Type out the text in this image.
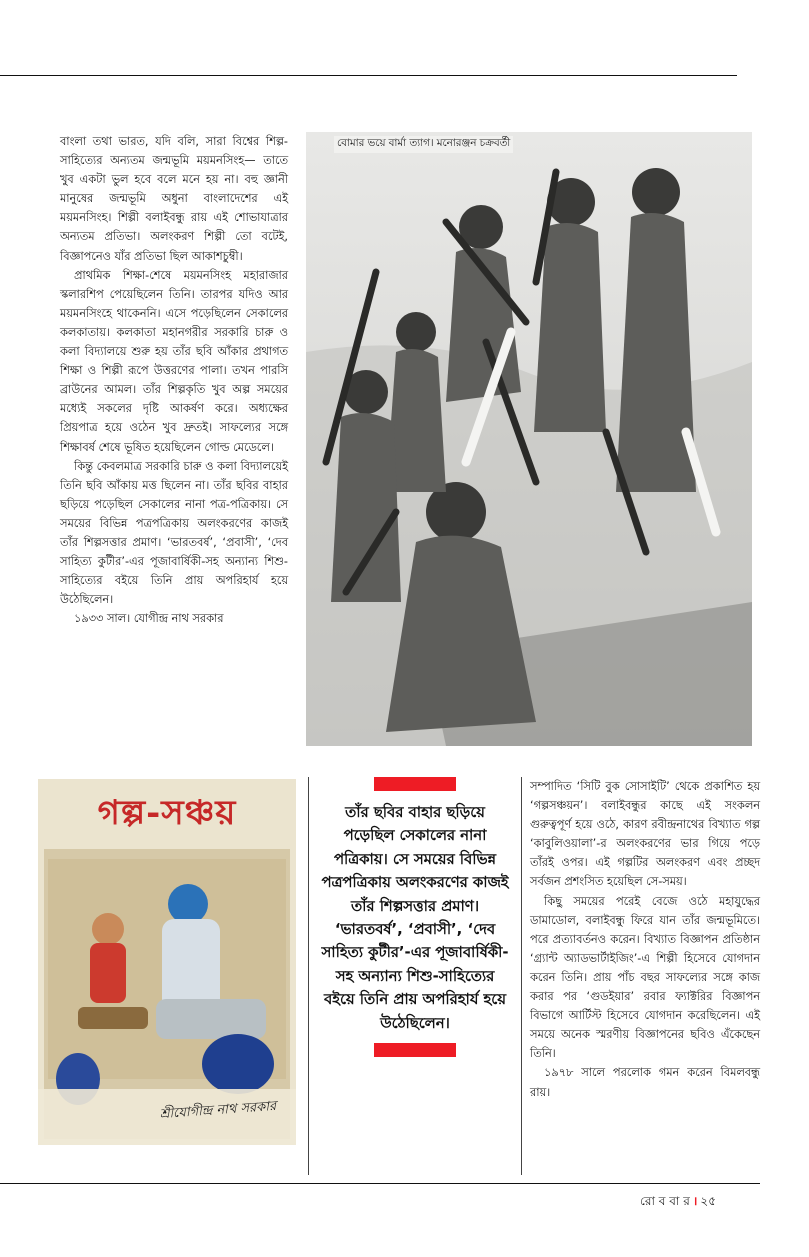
বাংলা তথা ভারত, যদি বলি, সারা বিশ্বের শিল্প-সাহিত্যের অন্যতম জন্মভূমি ময়মনসিংহ— তাতে খুব একটা ভুল হবে বলে মনে হয় না। বহু জ্ঞানী মানুষের জন্মভূমি অধুনা বাংলাদেশের এই ময়মনসিংহ। শিল্পী বলাইবন্ধু রায় এই শোভাযাত্রার অন্যতম প্রতিভা। অলংকরণ শিল্পী তো বটেই, বিজ্ঞাপনেও যাঁর প্রতিভা ছিল আকাশচুম্বী।

প্রাথমিক শিক্ষা-শেষে ময়মনসিংহ মহারাজার স্কলারশিপ পেয়েছিলেন তিনি। তারপর যদিও আর ময়মনসিংহে থাকেননি। এসে পড়েছিলেন সেকালের কলকাতায়। কলকাতা মহানগরীর সরকারি চারু ও কলা বিদ্যালয়ে শুরু হয় তাঁর ছবি আঁকার প্রথাগত শিক্ষা ও শিল্পী রূপে উত্তরণের পালা। তখন পারসি ব্রাউনের আমল। তাঁর শিল্পকৃতি খুব অল্প সময়ের মধ্যেই সকলের দৃষ্টি আকর্ষণ করে। অধ্যক্ষের প্রিয়পাত্র হয়ে ওঠেন খুব দ্রুতই। সাফল্যের সঙ্গে শিক্ষাবর্ষ শেষে ভূষিত হয়েছিলেন গোল্ড মেডেলে।

কিন্তু কেবলমাত্র সরকারি চারু ও কলা বিদ্যালয়েই তিনি ছবি আঁকায় মত্ত ছিলেন না। তাঁর ছবির বাহার ছড়িয়ে পড়েছিল সেকালের নানা পত্র-পত্রিকায়। সে সময়ের বিভিন্ন পত্রপত্রিকায় অলংকরণের কাজই তাঁর শিল্পসত্তার প্রমাণ। ‘ভারতবর্ষ’, ‘প্রবাসী’, ‘দেব সাহিত্য কুটীর’-এর পূজাবার্ষিকী-সহ অন্যান্য শিশু-সাহিত্যের বইয়ে তিনি প্রায় অপরিহার্য হয়ে উঠেছিলেন।

১৯৩৩ সাল। যোগীন্দ্র নাথ সরকার

বোমার ভয়ে বার্মা ত্যাগ। মনোরঞ্জন চক্রবর্তী
গল্প-সঞ্চয়
শ্রীযোগীন্দ্র নাথ সরকার

তাঁর ছবির বাহার ছড়িয়ে পড়েছিল সেকালের নানা পত্রিকায়। সে সময়ের বিভিন্ন পত্রপত্রিকায় অলংকরণের কাজই তাঁর শিল্পসত্তার প্রমাণ। ‘ভারতবর্ষ’, ‘প্রবাসী’, ‘দেব সাহিত্য কুটীর’-এর পূজাবার্ষিকী-সহ অন্যান্য শিশু-সাহিত্যের বইয়ে তিনি প্রায় অপরিহার্য হয়ে উঠেছিলেন।

সম্পাদিত ‘সিটি বুক সোসাইটি’ থেকে প্রকাশিত হয় ‘গল্পসঞ্চয়ন’। বলাইবন্ধুর কাছে এই সংকলন গুরুত্বপূর্ণ হয়ে ওঠে, কারণ রবীন্দ্রনাথের বিখ্যাত গল্প ‘কাবুলিওয়ালা’-র অলংকরণের ভার গিয়ে পড়ে তাঁরই ওপর। এই গল্পটির অলংকরণ এবং প্রচ্ছদ সর্বজন প্রশংসিত হয়েছিল সে-সময়।

কিছু সময়ের পরেই বেজে ওঠে মহাযুদ্ধের ডামাডোল, বলাইবন্ধু ফিরে যান তাঁর জন্মভূমিতে। পরে প্রত্যাবর্তনও করেন। বিখ্যাত বিজ্ঞাপন প্রতিষ্ঠান ‘গ্র্যান্ট অ্যাডভার্টাইজিং’-এ শিল্পী হিসেবে যোগদান করেন তিনি। প্রায় পাঁচ বছর সাফল্যের সঙ্গে কাজ করার পর ‘গুডইয়ার’ রবার ফ্যাক্টরির বিজ্ঞাপন বিভাগে আর্টিস্ট হিসেবে যোগদান করেছিলেন। এই সময়ে অনেক স্মরণীয় বিজ্ঞাপনের ছবিও এঁকেছেন তিনি।

১৯৭৮ সালে পরলোক গমন করেন বিমলবন্ধু রায়।

রো ব বা র । ২৫
